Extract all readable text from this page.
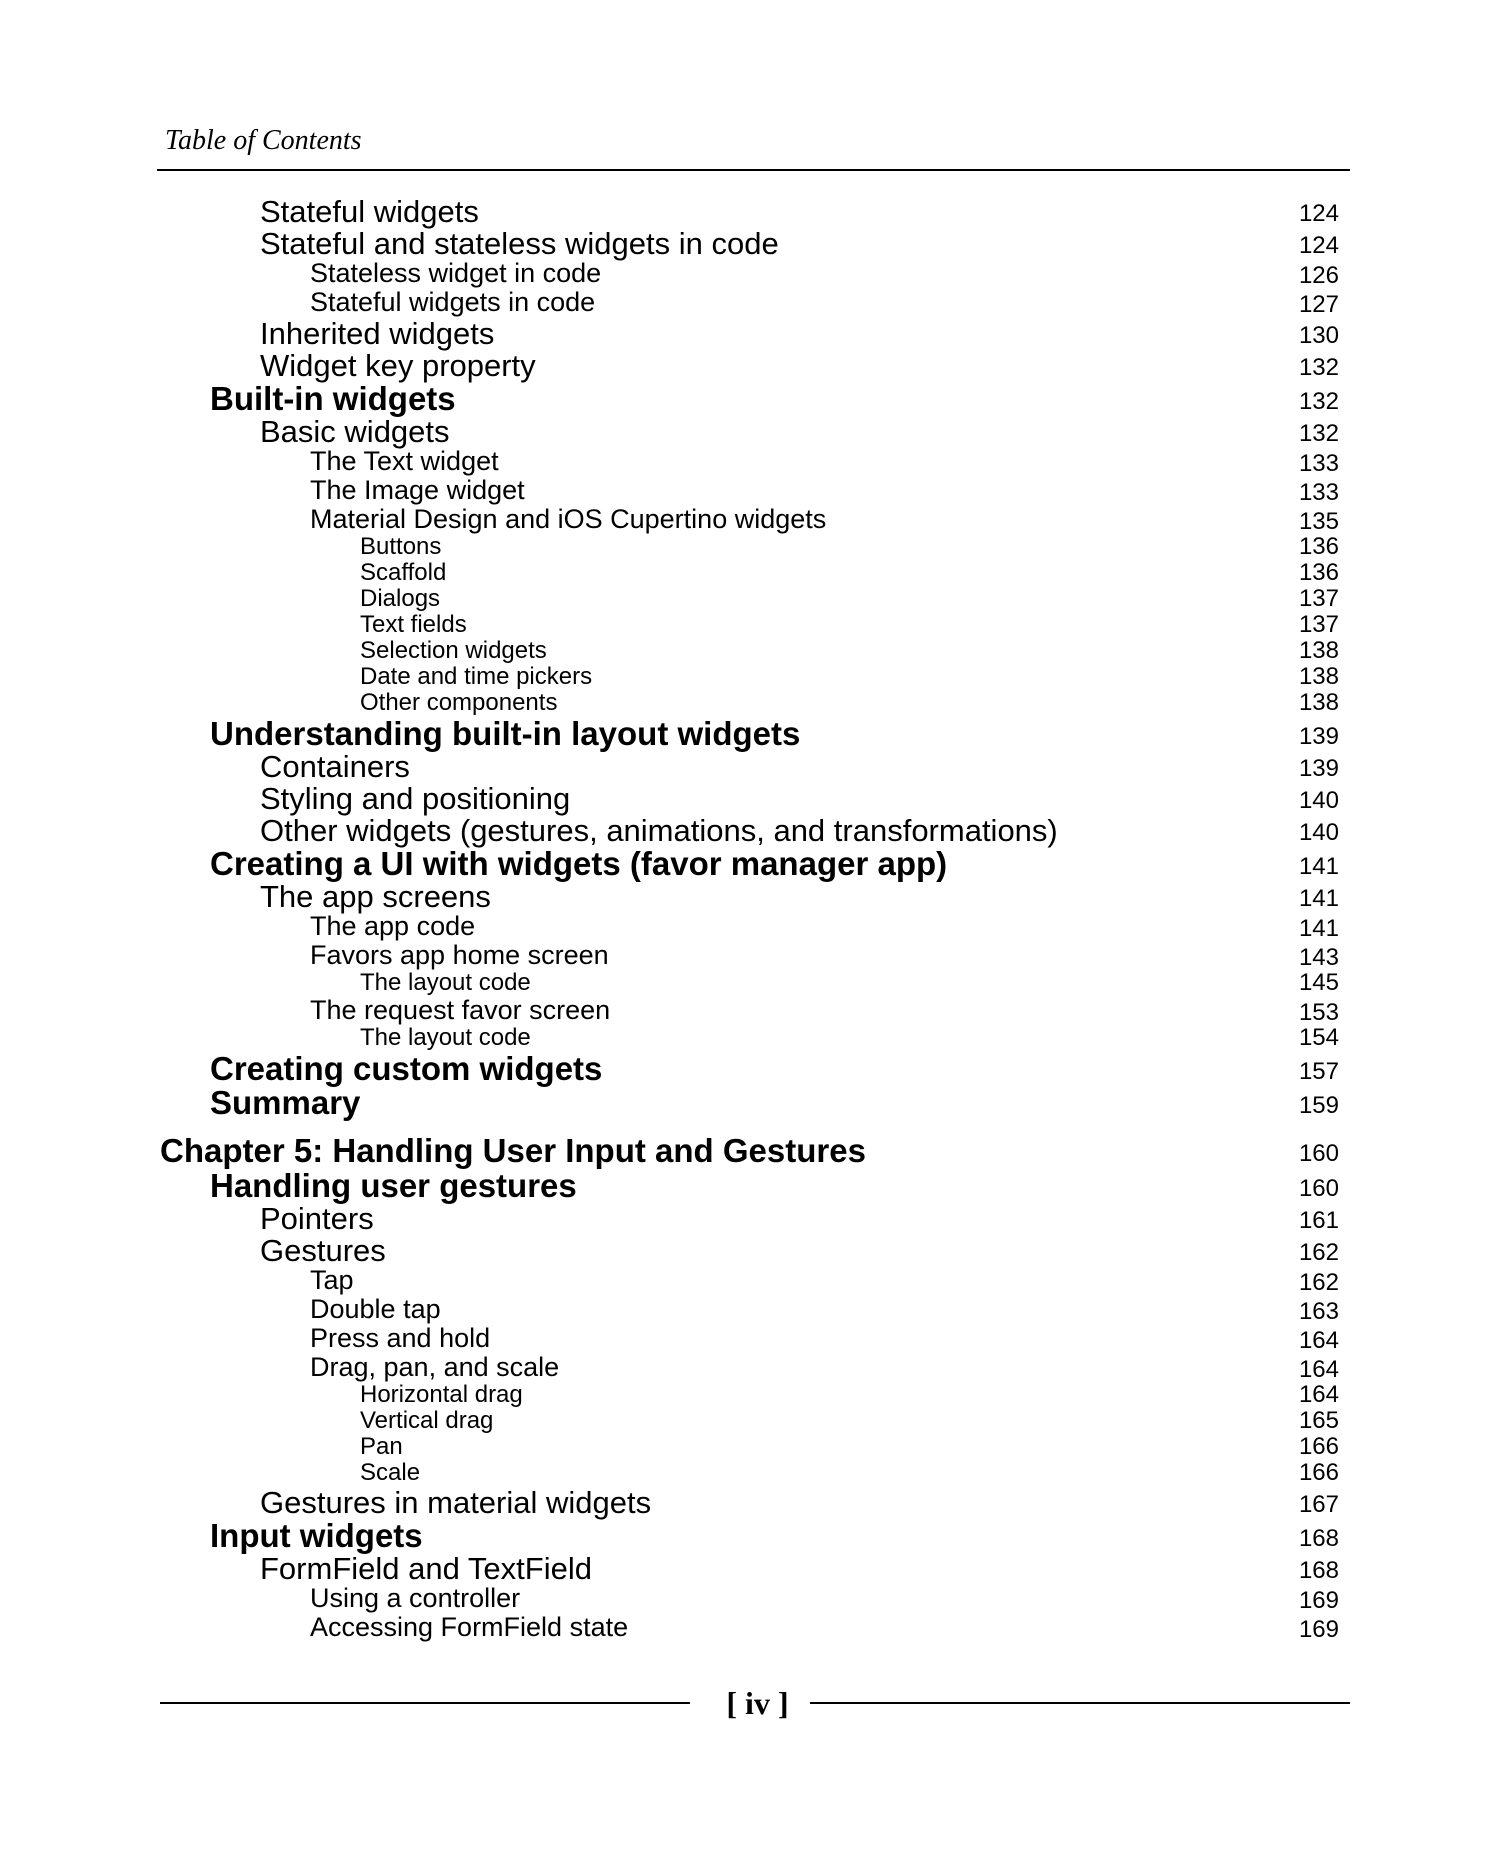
Table of Contents
Stateful widgets	124
Stateful and stateless widgets in code	124
Stateless widget in code	126
Stateful widgets in code	127
Inherited widgets	130
Widget key property	132
Built-in widgets	132
Basic widgets	132
The Text widget	133
The Image widget	133
Material Design and iOS Cupertino widgets	135
Buttons	136
Scaffold	136
Dialogs	137
Text fields	137
Selection widgets	138
Date and time pickers	138
Other components	138
Understanding built-in layout widgets	139
Containers	139
Styling and positioning	140
Other widgets (gestures, animations, and transformations)	140
Creating a UI with widgets (favor manager app)	141
The app screens	141
The app code	141
Favors app home screen	143
The layout code	145
The request favor screen	153
The layout code	154
Creating custom widgets	157
Summary	159
Chapter 5: Handling User Input and Gestures	160
Handling user gestures	160
Pointers	161
Gestures	162
Tap	162
Double tap	163
Press and hold	164
Drag, pan, and scale	164
Horizontal drag	164
Vertical drag	165
Pan	166
Scale	166
Gestures in material widgets	167
Input widgets	168
FormField and TextField	168
Using a controller	169
Accessing FormField state	169
[ iv ]
